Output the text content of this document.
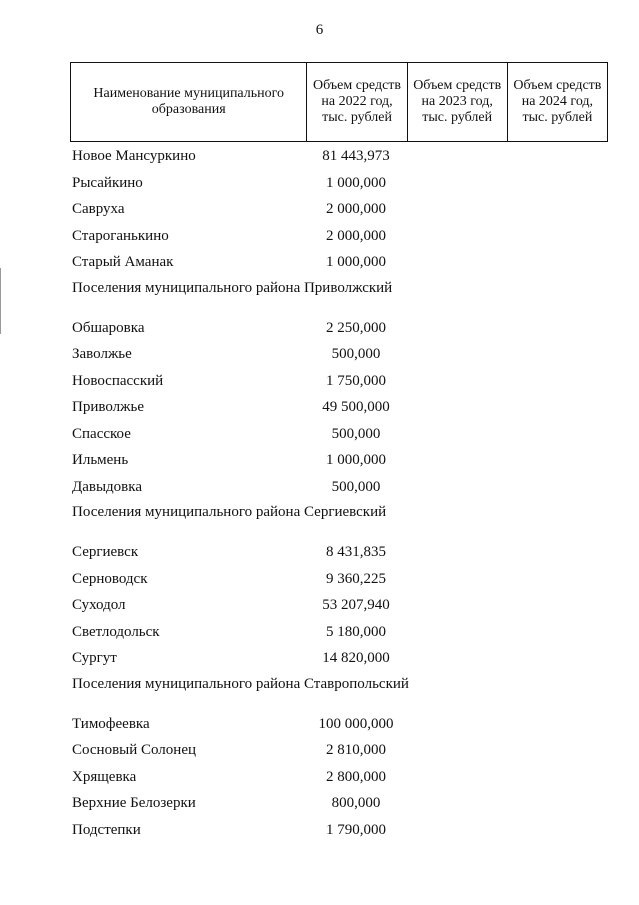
6
Наименование муниципального образования	Объем средств на 2022 год, тыс. рублей	Объем средств на 2023 год, тыс. рублей	Объем средств на 2024 год, тыс. рублей
Новое Мансуркино	81 443,973
Рысайкино	1 000,000
Савруха	2 000,000
Староганькино	2 000,000
Старый Аманак	1 000,000
Поселения муниципального района Приволжский
Обшаровка	2 250,000
Заволжье	500,000
Новоспасский	1 750,000
Приволжье	49 500,000
Спасское	500,000
Ильмень	1 000,000
Давыдовка	500,000
Поселения муниципального района Сергиевский
Сергиевск	8 431,835
Серноводск	9 360,225
Суходол	53 207,940
Светлодольск	5 180,000
Сургут	14 820,000
Поселения муниципального района Ставропольский
Тимофеевка	100 000,000
Сосновый Солонец	2 810,000
Хрящевка	2 800,000
Верхние Белозерки	800,000
Подстепки	1 790,000
